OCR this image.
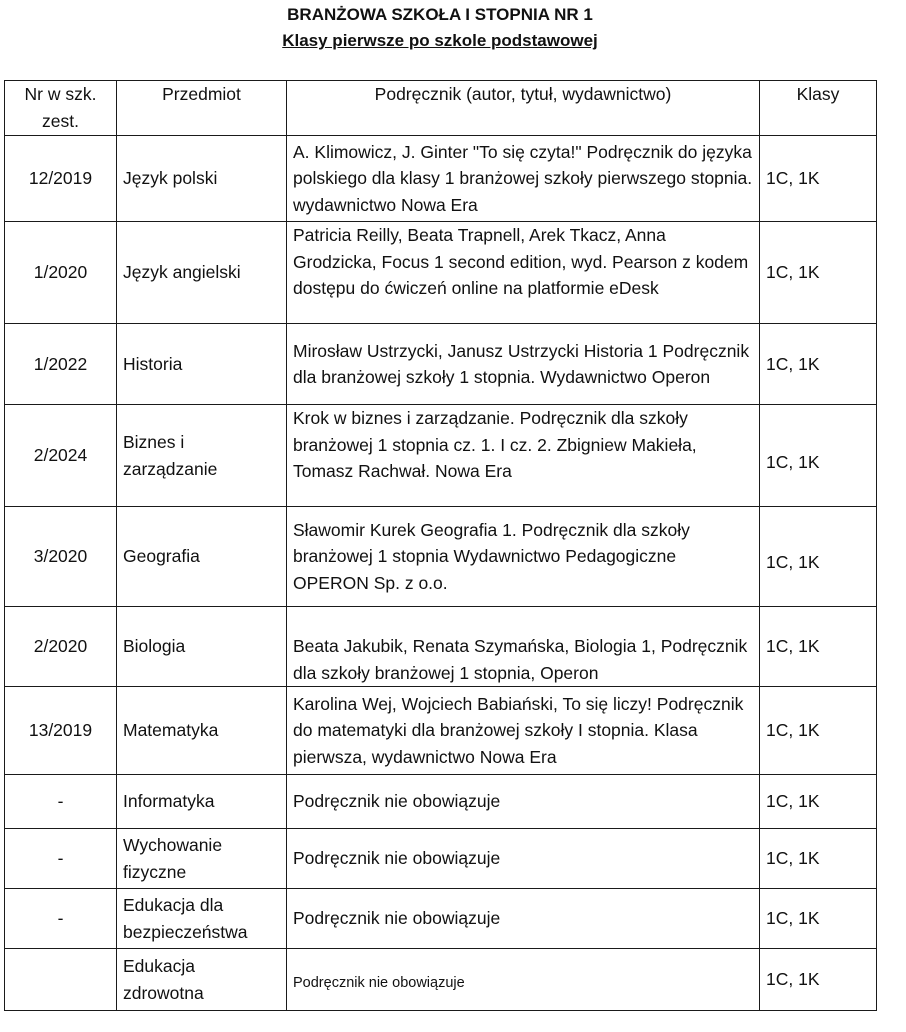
BRANŻOWA SZKOŁA I STOPNIA NR 1
Klasy pierwsze po szkole podstawowej
Nr w szk. zest.	Przedmiot	Podręcznik (autor, tytuł, wydawnictwo)	Klasy
12/2019	Język polski	A. Klimowicz, J. Ginter "To się czyta!" Podręcznik do języka polskiego dla klasy 1 branżowej szkoły pierwszego stopnia. wydawnictwo Nowa Era	1C, 1K
1/2020	Język angielski	Patricia Reilly, Beata Trapnell, Arek Tkacz, Anna Grodzicka, Focus 1 second edition, wyd. Pearson z kodem dostępu do ćwiczeń online na platformie eDesk	1C, 1K
1/2022	Historia	Mirosław Ustrzycki, Janusz Ustrzycki Historia 1 Podręcznik dla branżowej szkoły 1 stopnia. Wydawnictwo Operon	1C, 1K
2/2024	Biznes i zarządzanie	Krok w biznes i zarządzanie. Podręcznik dla szkoły branżowej 1 stopnia cz. 1. I cz. 2. Zbigniew Makieła, Tomasz Rachwał. Nowa Era	1C, 1K
3/2020	Geografia	Sławomir Kurek Geografia 1. Podręcznik dla szkoły branżowej 1 stopnia Wydawnictwo Pedagogiczne OPERON Sp. z o.o.	1C, 1K
2/2020	Biologia	Beata Jakubik, Renata Szymańska, Biologia 1, Podręcznik dla szkoły branżowej 1 stopnia, Operon	1C, 1K
13/2019	Matematyka	Karolina Wej, Wojciech Babiański, To się liczy! Podręcznik do matematyki dla branżowej szkoły I stopnia. Klasa pierwsza, wydawnictwo Nowa Era	1C, 1K
-	Informatyka	Podręcznik nie obowiązuje	1C, 1K
-	Wychowanie fizyczne	Podręcznik nie obowiązuje	1C, 1K
-	Edukacja dla bezpieczeństwa	Podręcznik nie obowiązuje	1C, 1K
	Edukacja zdrowotna	Podręcznik nie obowiązuje	1C, 1K
